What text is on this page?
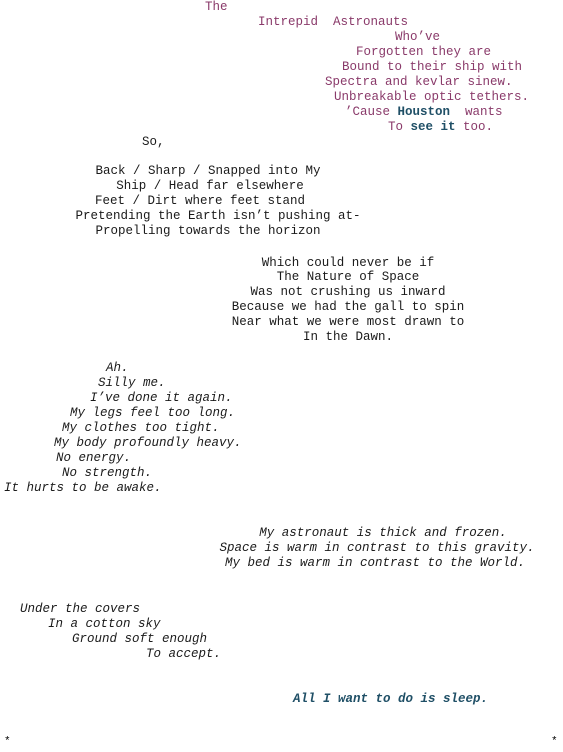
The
Intrepid  Astronauts
Who’ve
Forgotten they are
Bound to their ship with
Spectra and kevlar sinew.
Unbreakable optic tethers.
’Cause Houston  wants
To see it too.
So,
Back / Sharp / Snapped into My
Ship / Head far elsewhere
Feet / Dirt where feet stand
Pretending the Earth isn’t pushing at-
Propelling towards the horizon
Which could never be if
The Nature of Space
Was not crushing us inward
Because we had the gall to spin
Near what we were most drawn to
In the Dawn.
Ah.
Silly me.
I’ve done it again.
My legs feel too long.
My clothes too tight.
My body profoundly heavy.
No energy.
No strength.
It hurts to be awake.
My astronaut is thick and frozen.
Space is warm in contrast to this gravity.
My bed is warm in contrast to the World.
Under the covers
In a cotton sky
Ground soft enough
To accept.
All I want to do is sleep.
*	*
